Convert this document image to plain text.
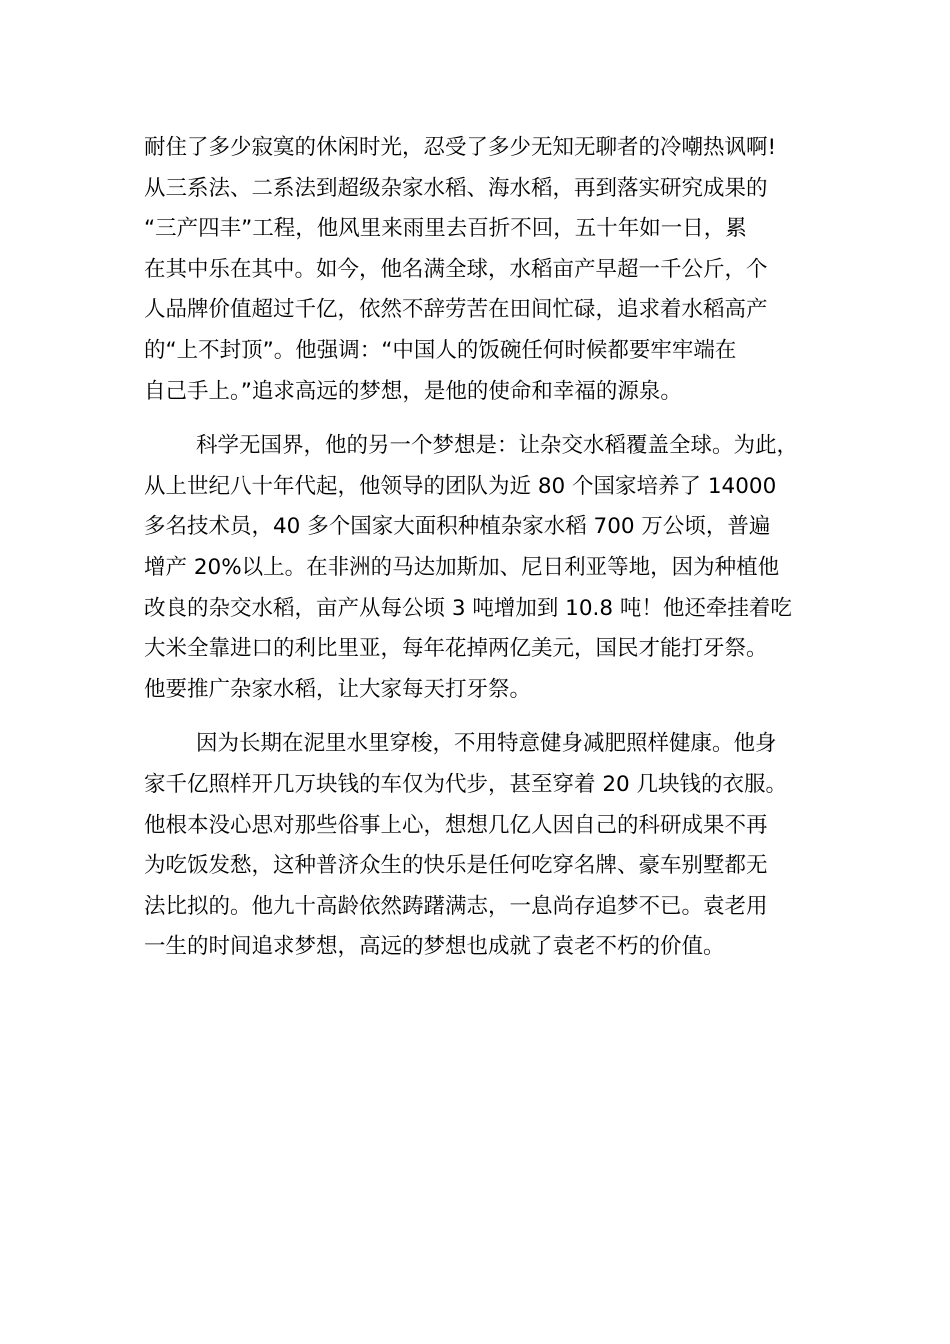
耐住了多少寂寞的休闲时光，忍受了多少无知无聊者的冷嘲热讽啊!
从三系法、二系法到超级杂家水稻、海水稻，再到落实研究成果的
“三产四丰”工程，他风里来雨里去百折不回，五十年如一日，累
在其中乐在其中。如今，他名满全球，水稻亩产早超一千公斤，个
人品牌价值超过千亿，依然不辞劳苦在田间忙碌，追求着水稻高产
的“上不封顶”。他强调：“中国人的饭碗任何时候都要牢牢端在
自己手上。”追求高远的梦想，是他的使命和幸福的源泉。
科学无国界，他的另一个梦想是：让杂交水稻覆盖全球。为此，
从上世纪八十年代起，他领导的团队为近 80 个国家培养了 14000
多名技术员，40 多个国家大面积种植杂家水稻 700 万公顷，普遍
增产 20%以上。在非洲的马达加斯加、尼日利亚等地，因为种植他
改良的杂交水稻，亩产从每公顷 3 吨增加到 10.8 吨！他还牵挂着吃
大米全靠进口的利比里亚，每年花掉两亿美元，国民才能打牙祭。
他要推广杂家水稻，让大家每天打牙祭。
因为长期在泥里水里穿梭，不用特意健身减肥照样健康。他身
家千亿照样开几万块钱的车仅为代步，甚至穿着 20 几块钱的衣服。
他根本没心思对那些俗事上心，想想几亿人因自己的科研成果不再
为吃饭发愁，这种普济众生的快乐是任何吃穿名牌、豪车别墅都无
法比拟的。他九十高龄依然踌躇满志，一息尚存追梦不已。袁老用
一生的时间追求梦想，高远的梦想也成就了袁老不朽的价值。
